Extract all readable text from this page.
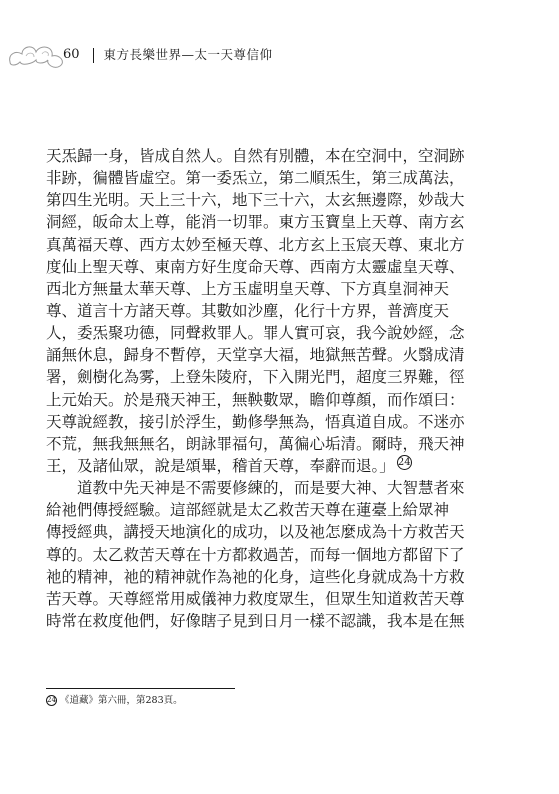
60 東方長樂世界—太一天尊信仰
天炁歸一身，皆成自然人。自然有別體，本在空洞中，空洞跡
非跡，徧體皆虛空。第一委炁立，第二順炁生，第三成萬法，
第四生光明。天上三十六，地下三十六，太玄無邊際，妙哉大
洞經，皈命太上尊，能消一切罪。東方玉寶皇上天尊、南方玄
真萬福天尊、西方太妙至極天尊、北方玄上玉宸天尊、東北方
度仙上聖天尊、東南方好生度命天尊、西南方太靈虛皇天尊、
西北方無量太華天尊、上方玉虛明皇天尊、下方真皇洞神天
尊、道言十方諸天尊。其數如沙塵，化行十方界，普濟度天
人，委炁聚功德，同聲救罪人。罪人實可哀，我今說妙經，念
誦無休息，歸身不暫停，天堂享大福，地獄無苦聲。火翳成清
署，劍樹化為雾，上登朱陵府，下入開光門，超度三界難，徑
上元始天。於是飛天神王，無鞅數眾，瞻仰尊顏，而作頌曰：
天尊說經教，接引於浮生，勤修學無為，悟真道自成。不迷亦
不荒，無我無無名，朗詠罪福句，萬徧心垢清。爾時，飛天神
王，及諸仙眾，說是頌畢，稽首天尊，奉辭而退。」 24
道教中先天神是不需要修練的，而是要大神、大智慧者來
給祂們傳授經驗。這部經就是太乙救苦天尊在蓮臺上給眾神
傳授經典，講授天地演化的成功，以及祂怎麼成為十方救苦天
尊的。太乙救苦天尊在十方都救過苦，而每一個地方都留下了
祂的精神，祂的精神就作為祂的化身，這些化身就成為十方救
苦天尊。天尊經常用威儀神力救度眾生，但眾生知道救苦天尊
時常在救度他們，好像瞎子見到日月一樣不認識，我本是在無
24 《道藏》第六冊，第283頁。
